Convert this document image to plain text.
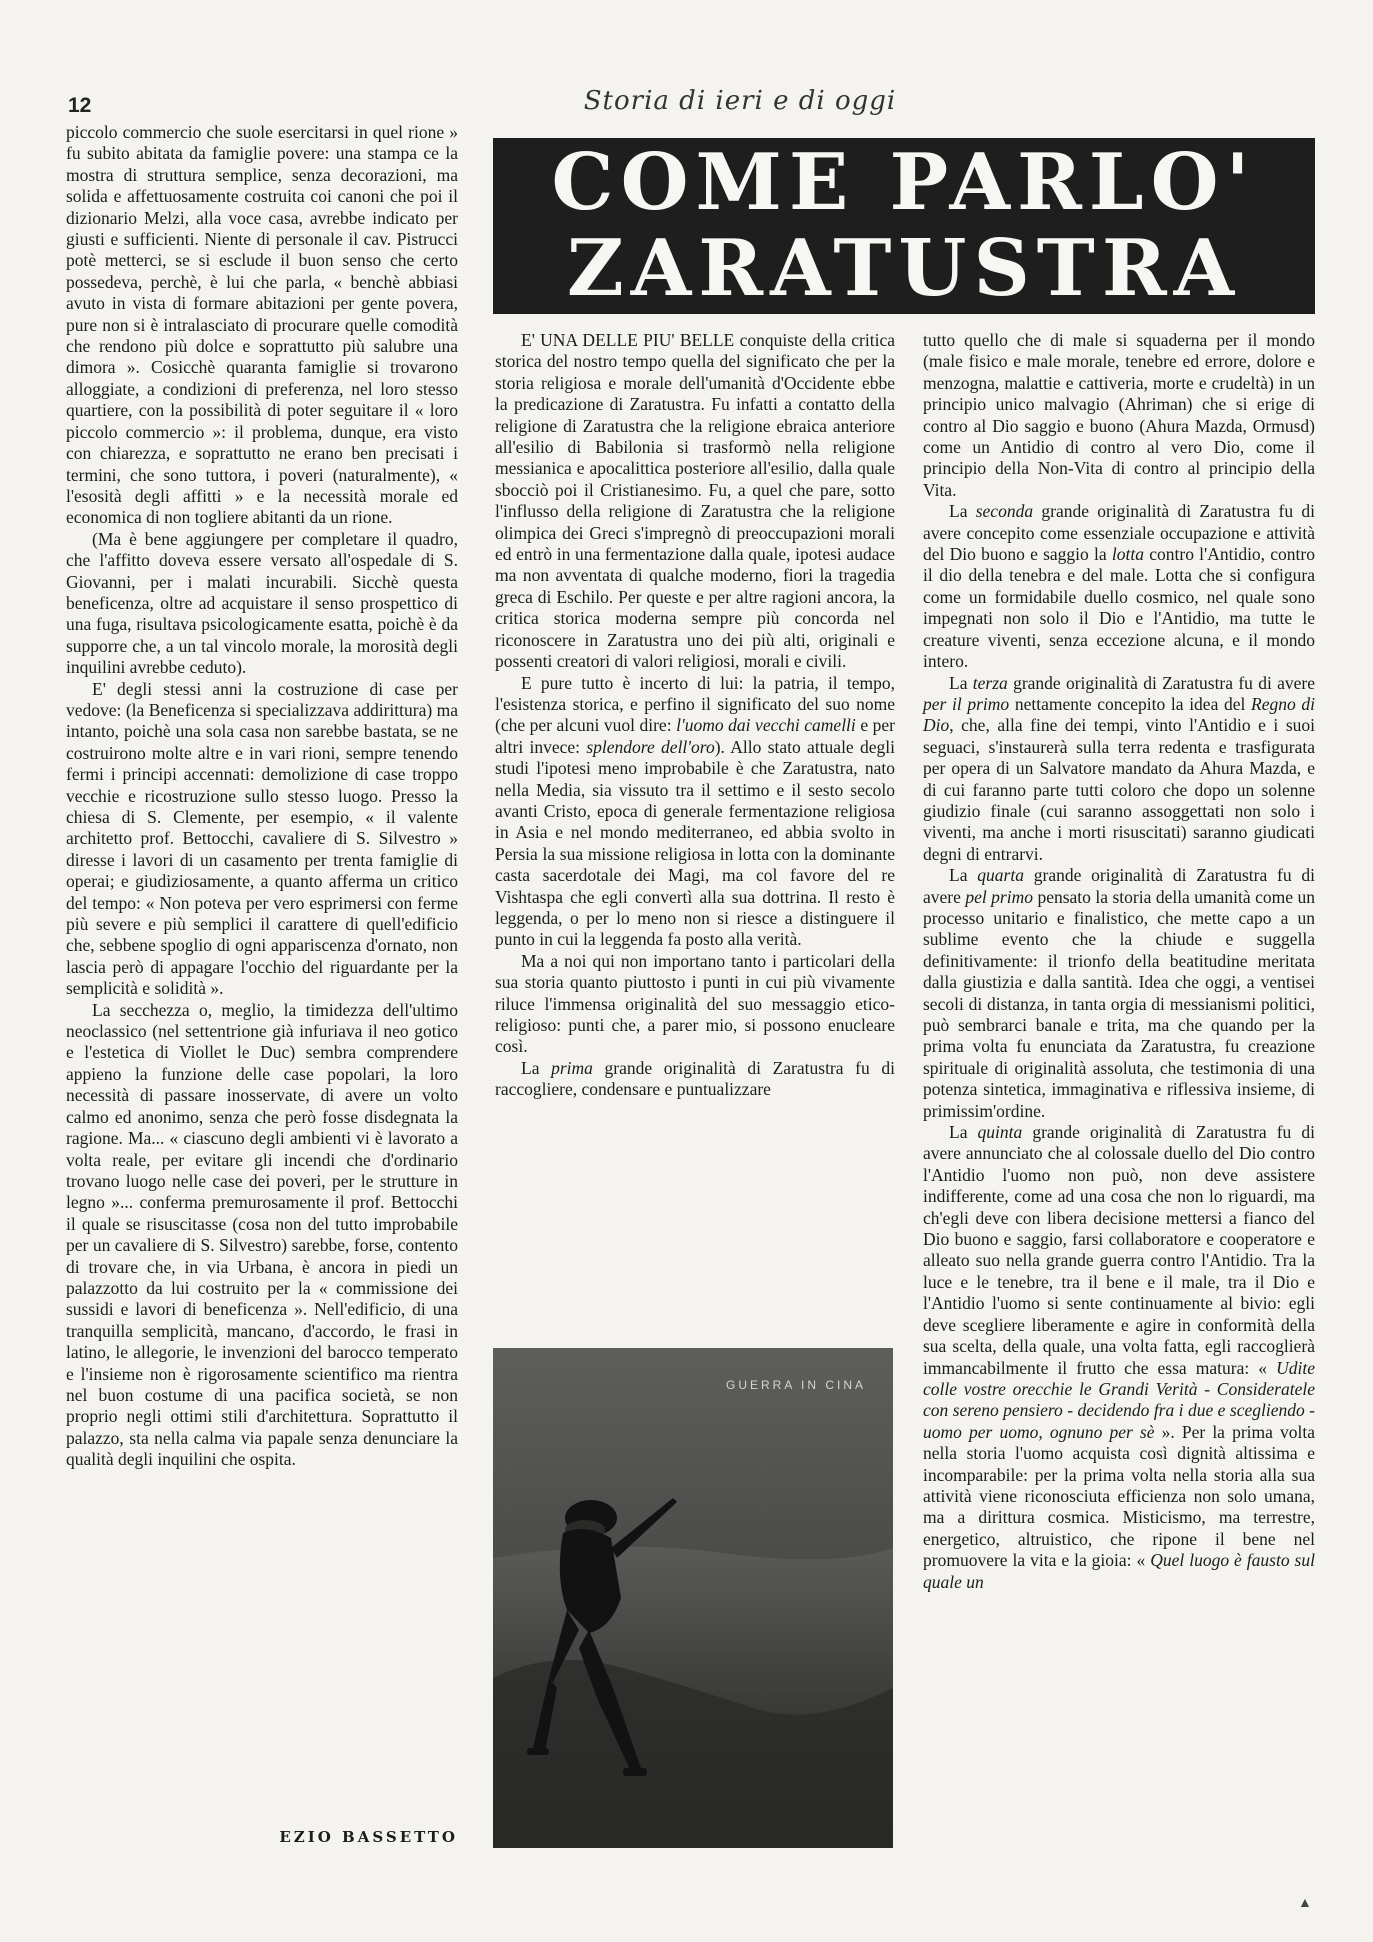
12	Storia di ieri e di oggi

piccolo commercio che suole esercitarsi in quel rione » fu subito abitata da famiglie povere: una stampa ce la mostra di struttura semplice, senza decorazioni, ma solida e affettuosamente costruita coi canoni che poi il dizionario Melzi, alla voce casa, avrebbe indicato per giusti e sufficienti. Niente di personale il cav. Pistrucci potè metterci, se si esclude il buon senso che certo possedeva, perchè, è lui che parla, « benchè abbiasi avuto in vista di formare abitazioni per gente povera, pure non si è intralasciato di procurare quelle comodità che rendono più dolce e soprattutto più salubre una dimora ». Cosicchè quaranta famiglie si trovarono alloggiate, a condizioni di preferenza, nel loro stesso quartiere, con la possibilità di poter seguitare il « loro piccolo commercio »: il problema, dunque, era visto con chiarezza, e soprattutto ne erano ben precisati i termini, che sono tuttora, i poveri (naturalmente), « l'esosità degli affitti » e la necessità morale ed economica di non togliere abitanti da un rione.

(Ma è bene aggiungere per completare il quadro, che l'affitto doveva essere versato all'ospedale di S. Giovanni, per i malati incurabili. Sicchè questa beneficenza, oltre ad acquistare il senso prospettico di una fuga, risultava psicologicamente esatta, poichè è da supporre che, a un tal vincolo morale, la morosità degli inquilini avrebbe ceduto).

E' degli stessi anni la costruzione di case per vedove: (la Beneficenza si specializzava addirittura) ma intanto, poichè una sola casa non sarebbe bastata, se ne costruirono molte altre e in vari rioni, sempre tenendo fermi i principi accennati: demolizione di case troppo vecchie e ricostruzione sullo stesso luogo. Presso la chiesa di S. Clemente, per esempio, « il valente architetto prof. Bettocchi, cavaliere di S. Silvestro » diresse i lavori di un casamento per trenta famiglie di operai; e giudiziosamente, a quanto afferma un critico del tempo: « Non poteva per vero esprimersi con ferme più severe e più semplici il carattere di quell'edificio che, sebbene spoglio di ogni appariscenza d'ornato, non lascia però di appagare l'occhio del riguardante per la semplicità e solidità ».

La secchezza o, meglio, la timidezza dell'ultimo neoclassico (nel settentrione già infuriava il neo gotico e l'estetica di Viollet le Duc) sembra comprendere appieno la funzione delle case popolari, la loro necessità di passare inosservate, di avere un volto calmo ed anonimo, senza che però fosse disdegnata la ragione. Ma... « ciascuno degli ambienti vi è lavorato a volta reale, per evitare gli incendi che d'ordinario trovano luogo nelle case dei poveri, per le strutture in legno »... conferma premurosamente il prof. Bettocchi il quale se risuscitasse (cosa non del tutto improbabile per un cavaliere di S. Silvestro) sarebbe, forse, contento di trovare che, in via Urbana, è ancora in piedi un palazzotto da lui costruito per la « commissione dei sussidi e lavori di beneficenza ». Nell'edificio, di una tranquilla semplicità, mancano, d'accordo, le frasi in latino, le allegorie, le invenzioni del barocco temperato e l'insieme non è rigorosamente scientifico ma rientra nel buon costume di una pacifica società, se non proprio negli ottimi stili d'architettura. Soprattutto il palazzo, sta nella calma via papale senza denunciare la qualità degli inquilini che ospita.

EZIO BASSETTO
COME PARLO'
ZARATUSTRA

E' UNA DELLE PIU' BELLE conquiste della critica storica del nostro tempo quella del significato che per la storia religiosa e morale dell'umanità d'Occidente ebbe la predicazione di Zaratustra. Fu infatti a contatto della religione di Zaratustra che la religione ebraica anteriore all'esilio di Babilonia si trasformò nella religione messianica e apocalittica posteriore all'esilio, dalla quale sbocciò poi il Cristianesimo. Fu, a quel che pare, sotto l'influsso della religione di Zaratustra che la religione olimpica dei Greci s'impregnò di preoccupazioni morali ed entrò in una fermentazione dalla quale, ipotesi audace ma non avventata di qualche moderno, fiori la tragedia greca di Eschilo. Per queste e per altre ragioni ancora, la critica storica moderna sempre più concorda nel riconoscere in Zaratustra uno dei più alti, originali e possenti creatori di valori religiosi, morali e civili.

E pure tutto è incerto di lui: la patria, il tempo, l'esistenza storica, e perfino il significato del suo nome (che per alcuni vuol dire: l'uomo dai vecchi camelli e per altri invece: splendore dell'oro). Allo stato attuale degli studi l'ipotesi meno improbabile è che Zaratustra, nato nella Media, sia vissuto tra il settimo e il sesto secolo avanti Cristo, epoca di generale fermentazione religiosa in Asia e nel mondo mediterraneo, ed abbia svolto in Persia la sua missione religiosa in lotta con la dominante casta sacerdotale dei Magi, ma col favore del re Vishtaspa che egli convertì alla sua dottrina. Il resto è leggenda, o per lo meno non si riesce a distinguere il punto in cui la leggenda fa posto alla verità.

Ma a noi qui non importano tanto i particolari della sua storia quanto piuttosto i punti in cui più vivamente riluce l'immensa originalità del suo messaggio etico-religioso: punti che, a parer mio, si possono enucleare così.

La prima grande originalità di Zaratustra fu di raccogliere, condensare e puntualizzare

GUERRA IN CINA

tutto quello che di male si squaderna per il mondo (male fisico e male morale, tenebre ed errore, dolore e menzogna, malattie e cattiveria, morte e crudeltà) in un principio unico malvagio (Ahriman) che si erige di contro al Dio saggio e buono (Ahura Mazda, Ormusd) come un Antidio di contro al vero Dio, come il principio della Non-Vita di contro al principio della Vita.

La seconda grande originalità di Zaratustra fu di avere concepito come essenziale occupazione e attività del Dio buono e saggio la lotta contro l'Antidio, contro il dio della tenebra e del male. Lotta che si configura come un formidabile duello cosmico, nel quale sono impegnati non solo il Dio e l'Antidio, ma tutte le creature viventi, senza eccezione alcuna, e il mondo intero.

La terza grande originalità di Zaratustra fu di avere per il primo nettamente concepito la idea del Regno di Dio, che, alla fine dei tempi, vinto l'Antidio e i suoi seguaci, s'instaurerà sulla terra redenta e trasfigurata per opera di un Salvatore mandato da Ahura Mazda, e di cui faranno parte tutti coloro che dopo un solenne giudizio finale (cui saranno assoggettati non solo i viventi, ma anche i morti risuscitati) saranno giudicati degni di entrarvi.

La quarta grande originalità di Zaratustra fu di avere pel primo pensato la storia della umanità come un processo unitario e finalistico, che mette capo a un sublime evento che la chiude e suggella definitivamente: il trionfo della beatitudine meritata dalla giustizia e dalla santità. Idea che oggi, a ventisei secoli di distanza, in tanta orgia di messianismi politici, può sembrarci banale e trita, ma che quando per la prima volta fu enunciata da Zaratustra, fu creazione spirituale di originalità assoluta, che testimonia di una potenza sintetica, immaginativa e riflessiva insieme, di primissim'ordine.

La quinta grande originalità di Zaratustra fu di avere annunciato che al colossale duello del Dio contro l'Antidio l'uomo non può, non deve assistere indifferente, come ad una cosa che non lo riguardi, ma ch'egli deve con libera decisione mettersi a fianco del Dio buono e saggio, farsi collaboratore e cooperatore e alleato suo nella grande guerra contro l'Antidio. Tra la luce e le tenebre, tra il bene e il male, tra il Dio e l'Antidio l'uomo si sente continuamente al bivio: egli deve scegliere liberamente e agire in conformità della sua scelta, della quale, una volta fatta, egli raccoglierà immancabilmente il frutto che essa matura: « Udite colle vostre orecchie le Grandi Verità - Consideratele con sereno pensiero - decidendo fra i due e scegliendo - uomo per uomo, ognuno per sè ». Per la prima volta nella storia l'uomo acquista così dignità altissima e incomparabile: per la prima volta nella storia alla sua attività viene riconosciuta efficienza non solo umana, ma a dirittura cosmica. Misticismo, ma terrestre, energetico, altruistico, che ripone il bene nel promuovere la vita e la gioia: « Quel luogo è fausto sul quale un

▲
